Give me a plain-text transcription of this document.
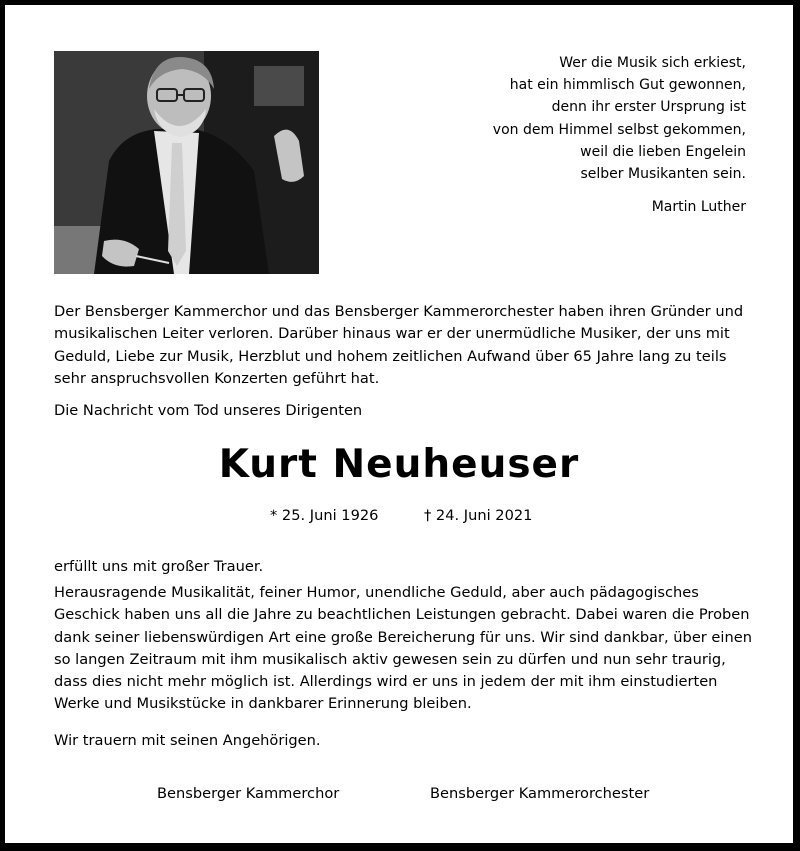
Wer die Musik sich erkiest,
hat ein himmlisch Gut gewonnen,
denn ihr erster Ursprung ist
von dem Himmel selbst gekommen,
weil die lieben Engelein
selber Musikanten sein.
Martin Luther
Der Bensberger Kammerchor und das Bensberger Kammerorchester haben ihren Gründer und musikalischen Leiter verloren. Darüber hinaus war er der unermüdliche Musiker, der uns mit Geduld, Liebe zur Musik, Herzblut und hohem zeitlichen Aufwand über 65 Jahre lang zu teils sehr anspruchsvollen Konzerten geführt hat.
Die Nachricht vom Tod unseres Dirigenten
Kurt Neuheuser
* 25. Juni 1926	† 24. Juni 2021
erfüllt uns mit großer Trauer.
Herausragende Musikalität, feiner Humor, unendliche Geduld, aber auch pädagogisches Geschick haben uns all die Jahre zu beachtlichen Leistungen gebracht. Dabei waren die Proben dank seiner liebenswürdigen Art eine große Bereicherung für uns. Wir sind dankbar, über einen so langen Zeitraum mit ihm musikalisch aktiv gewesen sein zu dürfen und nun sehr traurig, dass dies nicht mehr möglich ist. Allerdings wird er uns in jedem der mit ihm einstudierten Werke und Musikstücke in dankbarer Erinnerung bleiben.
Wir trauern mit seinen Angehörigen.
Bensberger Kammerchor	Bensberger Kammerorchester
